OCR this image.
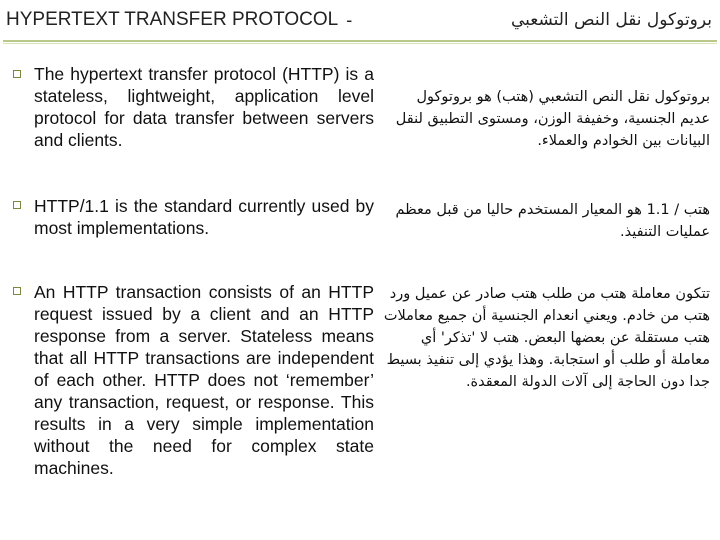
HYPERTEXT TRANSFER PROTOCOL -	بروتوكول نقل النص التشعبي
The hypertext transfer protocol (HTTP) is a stateless, lightweight, application level protocol for data transfer between servers and clients.
بروتوكول نقل النص التشعبي (هتب) هو بروتوكول عديم الجنسية، وخفيفة الوزن، ومستوى التطبيق لنقل البيانات بين الخوادم والعملاء.
HTTP/1.1 is the standard currently used by most implementations.
هتب / 1.1 هو المعيار المستخدم حاليا من قبل معظم عمليات التنفيذ.
An HTTP transaction consists of an HTTP request issued by a client and an HTTP response from a server. Stateless means that all HTTP transactions are independent of each other. HTTP does not ‘remember’ any transaction, request, or response. This results in a very simple implementation without the need for complex state machines.
تتكون معاملة هتب من طلب هتب صادر عن عميل ورد هتب من خادم. ويعني انعدام الجنسية أن جميع معاملات هتب مستقلة عن بعضها البعض. هتب لا 'تذكر' أي معاملة أو طلب أو استجابة. وهذا يؤدي إلى تنفيذ بسيط جدا دون الحاجة إلى آلات الدولة المعقدة.
